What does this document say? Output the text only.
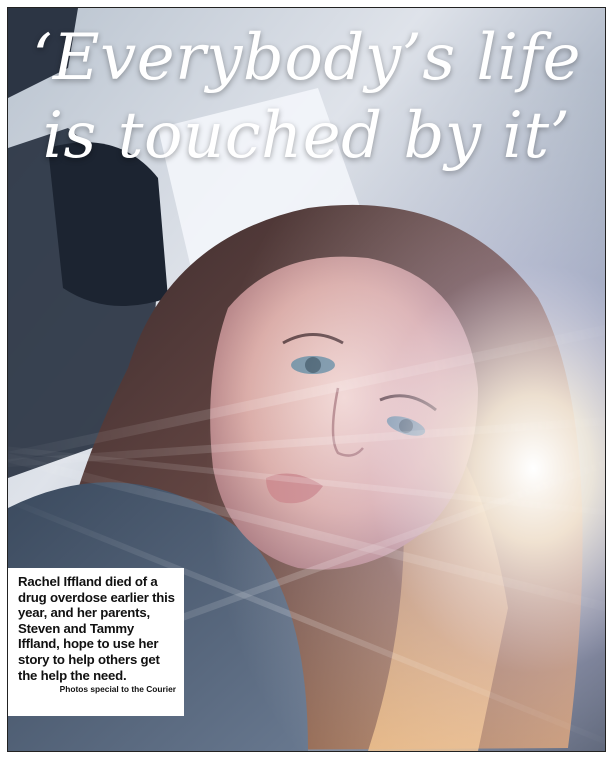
‘Everybody’s life
is touched by it’

Rachel Iffland died of a drug overdose earlier this year, and her parents, Steven and Tammy Iffland, hope to use her story to help others get the help the need.

Photos special to the Courier
